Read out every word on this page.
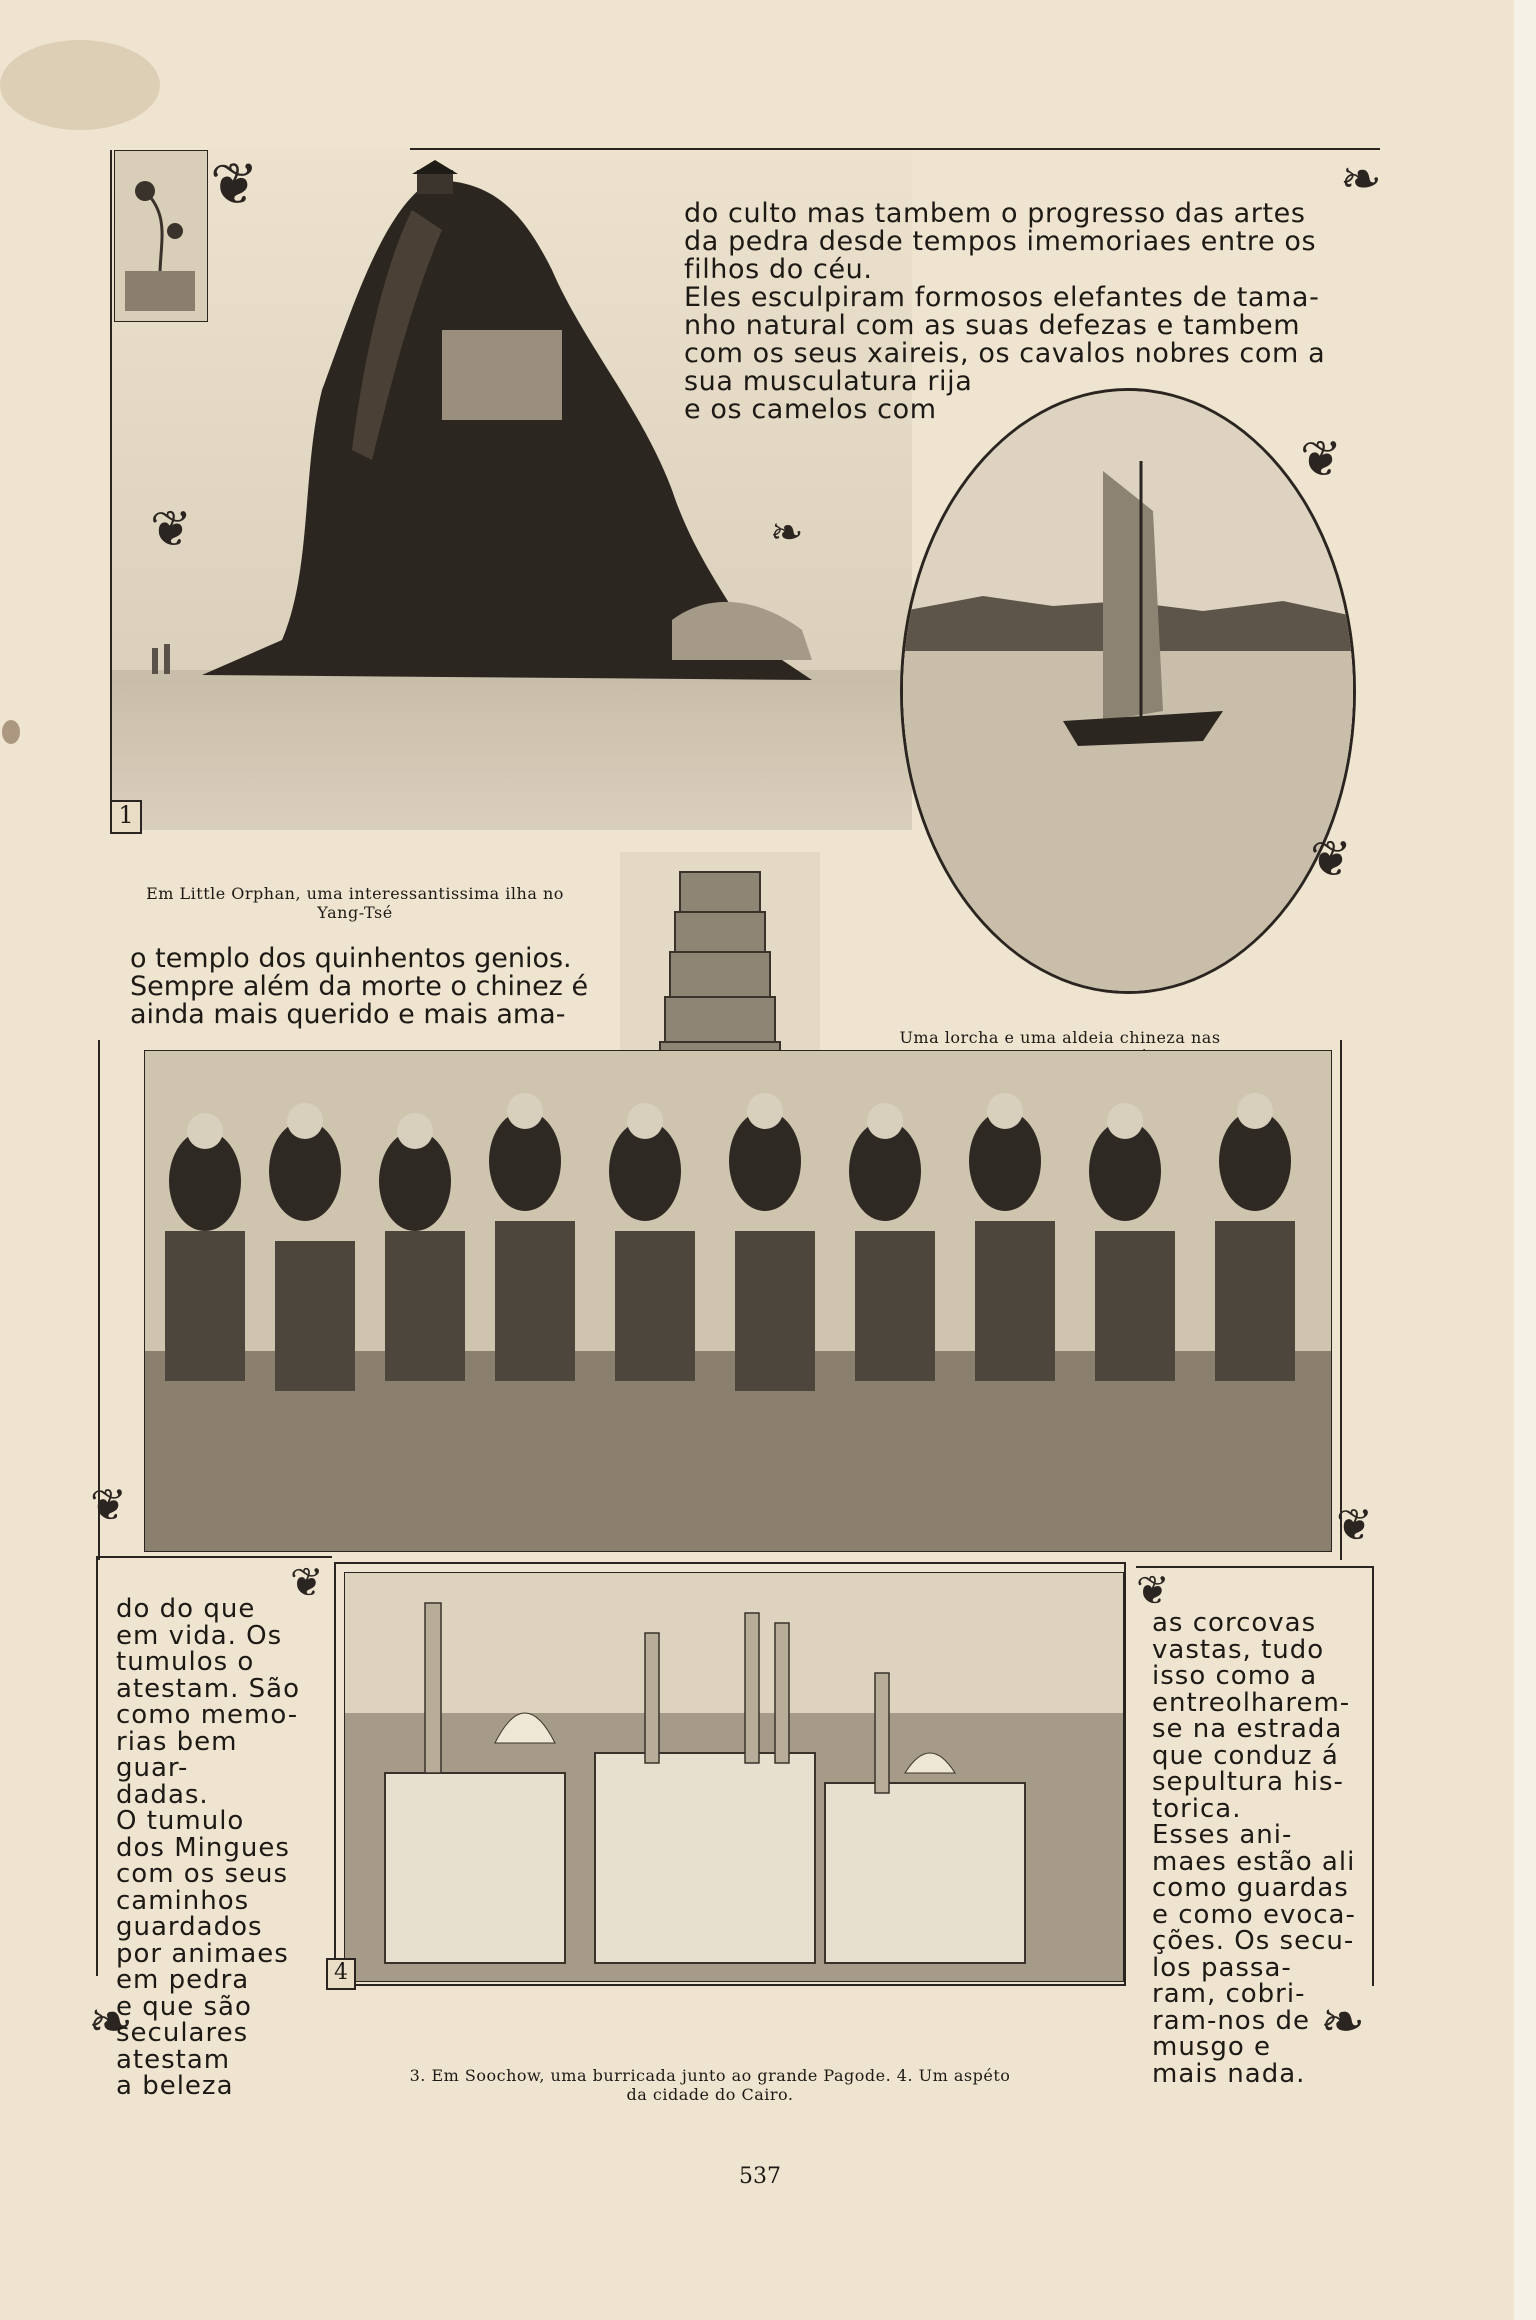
1
❦	❧
❦

do culto mas tambem o progresso das artes
da pedra desde tempos imemoriaes entre os
filhos do céu.
Eles esculpiram formosos elefantes de tama-
nho natural com as suas defezas e tambem
com os seus xaireis, os cavalos nobres com a
sua musculatura rija
e os camelos com

❦
❧
❦

Em Little Orphan, uma interessantissima ilha no Yang-Tsé

o templo dos quinhentos genios.
Sempre além da morte o chinez é
ainda mais querido e mais ama-

Uma lorcha e uma aldeia chineza nas

❦	❦
❦	❦
❧	❧

do do que
em vida. Os
tumulos o
atestam. São
como memo-
rias bem guar-
dadas.
O tumulo
dos Mingues
com os seus
caminhos
guardados
por animaes
em pedra
e que são
seculares
atestam
a beleza

4

as corcovas
vastas, tudo
isso como a
entreolharem-
se na estrada
que conduz á
sepultura his-
torica.
Esses ani-
maes estão ali
como guardas
e como evoca-
ções. Os secu-
los passa-
ram, cobri-
ram-nos de
musgo e
mais nada.

3. Em Soochow, uma burricada junto ao grande Pagode. 4. Um aspéto da cidade do Cairo.

537
